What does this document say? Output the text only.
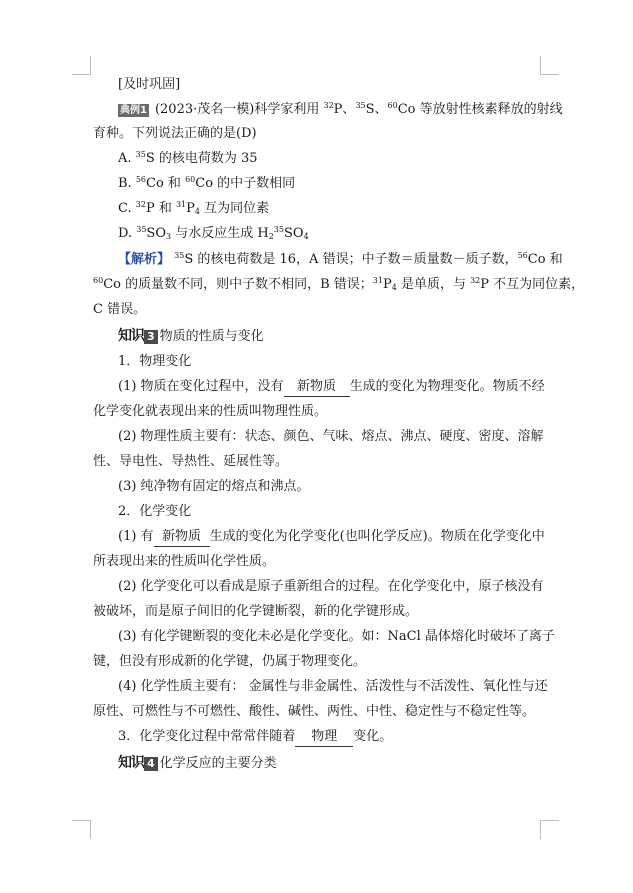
[及时巩固]
典例1 (2023·茂名一模)科学家利用 $^{32}$P、$^{35}$S、$^{60}$Co 等放射性核素释放的射线
育种。下列说法正确的是(D)
A. $^{35}$S 的核电荷数为 35
B. $^{56}$Co 和 $^{60}$Co 的中子数相同
C. $^{32}$P 和 $^{31}P_4$ 互为同位素
D. $^{35}SO_3$ 与水反应生成 $H_2^{35}SO_4$
【解析】 $^{35}$S 的核电荷数是 16，A 错误；中子数＝质量数－质子数，$^{56}$Co 和
$^{60}$Co 的质量数不同，则中子数不相同，B 错误；$^{31}P_4$ 是单质，与 $^{32}$P 不互为同位素，
C 错误。
知识 3 物质的性质与变化
1．物理变化
(1) 物质在变化过程中，没有 新物质 生成的变化为物理变化。物质不经
化学变化就表现出来的性质叫物理性质。
(2) 物理性质主要有：状态、颜色、气味、熔点、沸点、硬度、密度、溶解
性、导电性、导热性、延展性等。
(3) 纯净物有固定的熔点和沸点。
2．化学变化
(1) 有 新物质 生成的变化为化学变化(也叫化学反应)。物质在化学变化中
所表现出来的性质叫化学性质。
(2) 化学变化可以看成是原子重新组合的过程。在化学变化中，原子核没有
被破坏，而是原子间旧的化学键断裂，新的化学键形成。
(3) 有化学键断裂的变化未必是化学变化。如：NaCl 晶体熔化时破坏了离子
键，但没有形成新的化学键，仍属于物理变化。
(4) 化学性质主要有： 金属性与非金属性、活泼性与不活泼性、氧化性与还
原性、可燃性与不可燃性、酸性、碱性、两性、中性、稳定性与不稳定性等。
3．化学变化过程中常常伴随着 物理 变化。
知识 4 化学反应的主要分类
